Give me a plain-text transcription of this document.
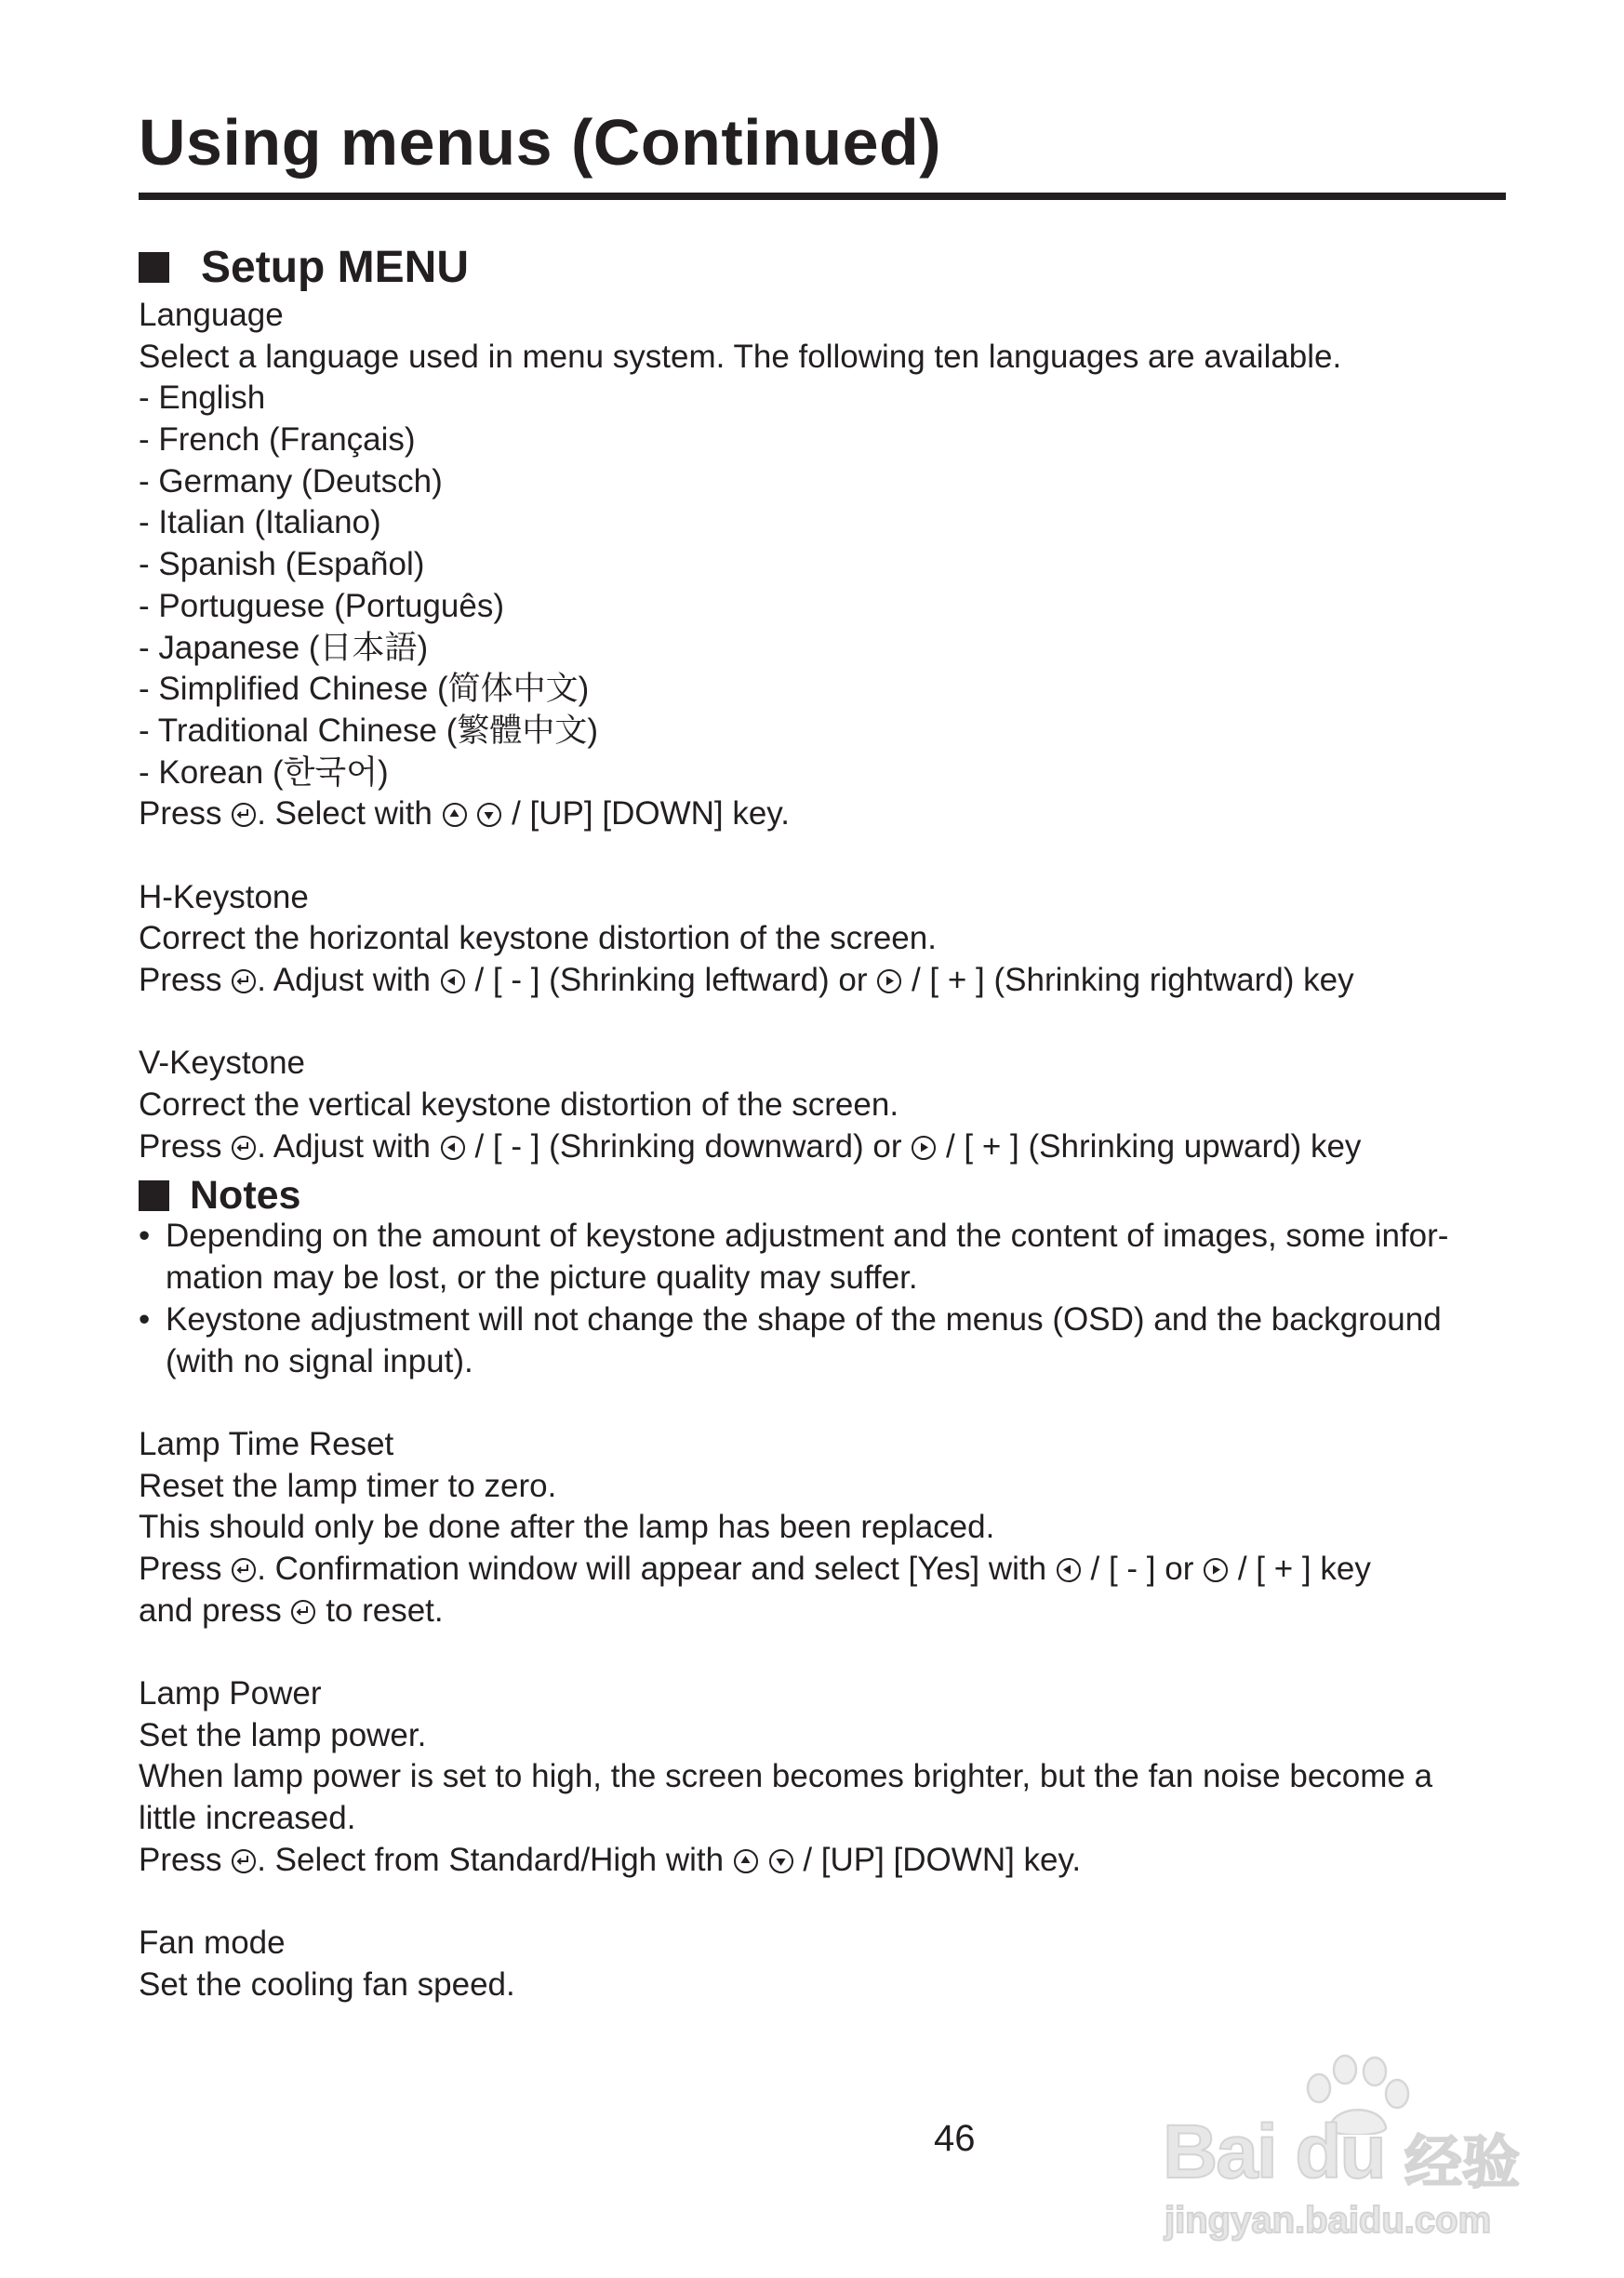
Using menus (Continued)
Setup MENU
Language
Select a language used in menu system. The following ten languages are available.
- English
- French (Français)
- Germany (Deutsch)
- Italian (Italiano)
- Spanish (Español)
- Portuguese (Português)
- Japanese (日本語)
- Simplified Chinese (简体中文)
- Traditional Chinese (繁體中文)
- Korean (한국어)
Press . Select with
/ [UP] [DOWN] key.
H-Keystone
Correct the horizontal keystone distortion of the screen.
Press . Adjust with / [ - ] (Shrinking leftward) or / [ + ] (Shrinking rightward) key
V-Keystone
Correct the vertical keystone distortion of the screen.
Press . Adjust with / [ - ] (Shrinking downward) or / [ + ] (Shrinking upward) key
Notes
• Depending on the amount of keystone adjustment and the content of images, some infor-
mation may be lost, or the picture quality may suffer.
• Keystone adjustment will not change the shape of the menus (OSD) and the background
(with no signal input).
Lamp Time Reset
Reset the lamp timer to zero.
This should only be done after the lamp has been replaced.
Press . Confirmation window will appear and select [Yes] with / [ - ] or / [ + ] key
and press to reset.
Lamp Power
Set the lamp power.
When lamp power is set to high, the screen becomes brighter, but the fan noise become a
little increased.
Press . Select from Standard/High with
/ [UP] [DOWN] key.
Fan mode
Set the cooling fan speed.
46 Bai du 经验
jingyan.baidu.com
